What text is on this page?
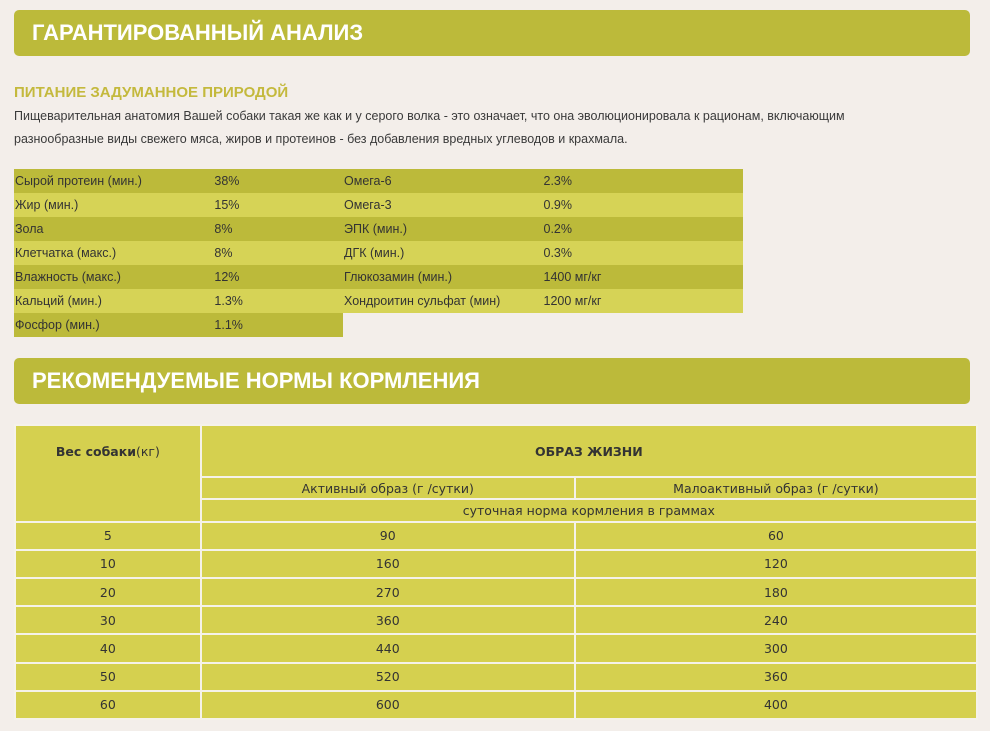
ГАРАНТИРОВАННЫЙ АНАЛИЗ
ПИТАНИЕ ЗАДУМАННОЕ ПРИРОДОЙ
Пищеварительная анатомия Вашей собаки такая же как и у серого волка - это означает, что она эволюционировала к рационам, включающим
разнообразные виды свежего мяса, жиров и протеинов - без добавления вредных углеводов и крахмала.
Сырой протеин (мин.)	38%	Омега-6	2.3%
Жир (мин.)	15%	Омега-3	0.9%
Зола	8%	ЭПК (мин.)	0.2%
Клетчатка (макс.)	8%	ДГК (мин.)	0.3%
Влажность (макс.)	12%	Глюкозамин (мин.)	1400 мг/кг
Кальций (мин.)	1.3%	Хондроитин сульфат (мин)	1200 мг/кг
Фосфор (мин.)	1.1%
РЕКОМЕНДУЕМЫЕ НОРМЫ КОРМЛЕНИЯ
Вес собаки(кг)	ОБРАЗ ЖИЗНИ	
	Активный образ (г /сутки)	Малоактивный образ (г /сутки)
	суточная норма кормления в граммах	
5	90	60
10	160	120
20	270	180
30	360	240
40	440	300
50	520	360
60	600	400
